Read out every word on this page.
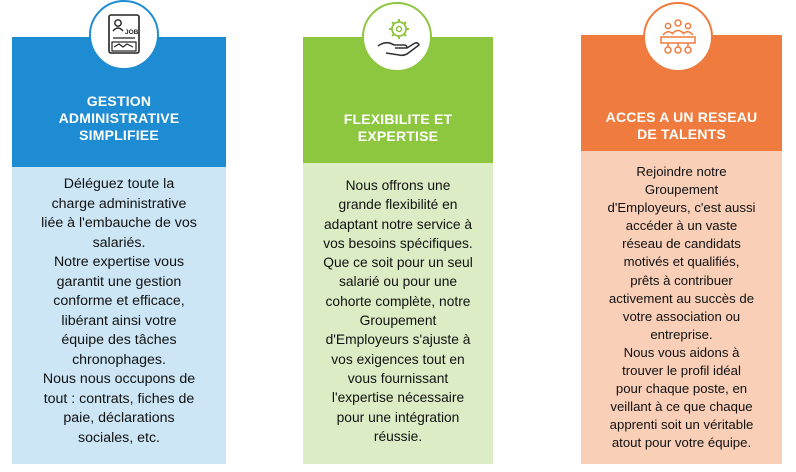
JOB
GESTION
ADMINISTRATIVE
SIMPLIFIEE
Déléguez toute la
charge administrative
liée à l'embauche de vos
salariés.
Notre expertise vous
garantit une gestion
conforme et efficace,
libérant ainsi votre
équipe des tâches
chronophages.
Nous nous occupons de
tout : contrats, fiches de
paie, déclarations
sociales, etc.
FLEXIBILITE ET
EXPERTISE
Nous offrons une
grande flexibilité en
adaptant notre service à
vos besoins spécifiques.
Que ce soit pour un seul
salarié ou pour une
cohorte complète, notre
Groupement
d'Employeurs s'ajuste à
vos exigences tout en
vous fournissant
l'expertise nécessaire
pour une intégration
réussie.
ACCES A UN RESEAU
DE TALENTS
Rejoindre notre
Groupement
d'Employeurs, c'est aussi
accéder à un vaste
réseau de candidats
motivés et qualifiés,
prêts à contribuer
activement au succès de
votre association ou
entreprise.
Nous vous aidons à
trouver le profil idéal
pour chaque poste, en
veillant à ce que chaque
apprenti soit un véritable
atout pour votre équipe.
